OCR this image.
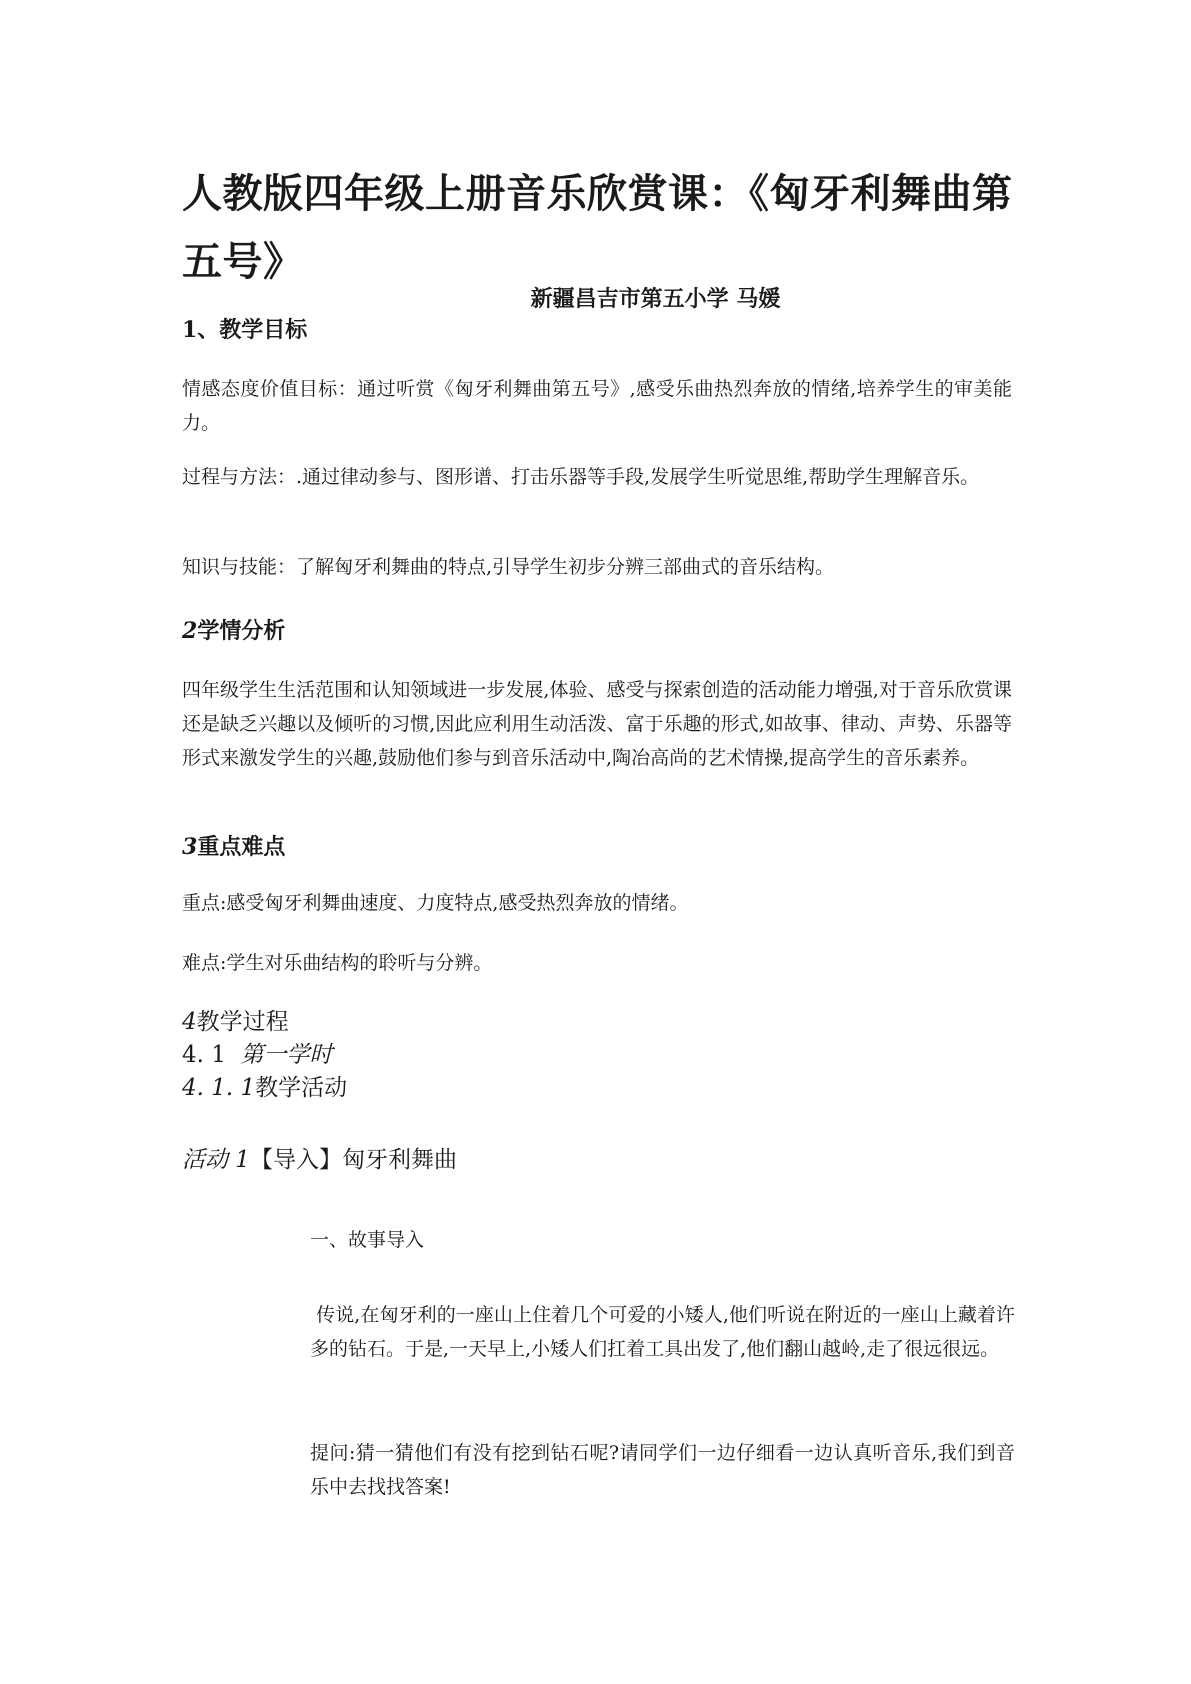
人教版四年级上册音乐欣赏课：《匈牙利舞曲第五号》
新疆昌吉市第五小学 马媛
1、教学目标

情感态度价值目标：通过听赏《匈牙利舞曲第五号》,感受乐曲热烈奔放的情绪,培养学生的审美能力。

过程与方法：.通过律动参与、图形谱、打击乐器等手段,发展学生听觉思维,帮助学生理解音乐。

知识与技能：了解匈牙利舞曲的特点,引导学生初步分辨三部曲式的音乐结构。

2学情分析

四年级学生生活范围和认知领域进一步发展,体验、感受与探索创造的活动能力增强,对于音乐欣赏课还是缺乏兴趣以及倾听的习惯,因此应利用生动活泼、富于乐趣的形式,如故事、律动、声势、乐器等形式来激发学生的兴趣,鼓励他们参与到音乐活动中,陶冶高尚的艺术情操,提高学生的音乐素养。

3重点难点

重点:感受匈牙利舞曲速度、力度特点,感受热烈奔放的情绪。

难点:学生对乐曲结构的聆听与分辨。

4教学过程
4. 1 第一学时
4. 1. 1教学活动
活动 1【导入】匈牙利舞曲

一、故事导入

传说,在匈牙利的一座山上住着几个可爱的小矮人,他们听说在附近的一座山上藏着许多的钻石。于是,一天早上,小矮人们扛着工具出发了,他们翻山越岭,走了很远很远。

提问:猜一猜他们有没有挖到钻石呢?请同学们一边仔细看一边认真听音乐,我们到音乐中去找找答案!
